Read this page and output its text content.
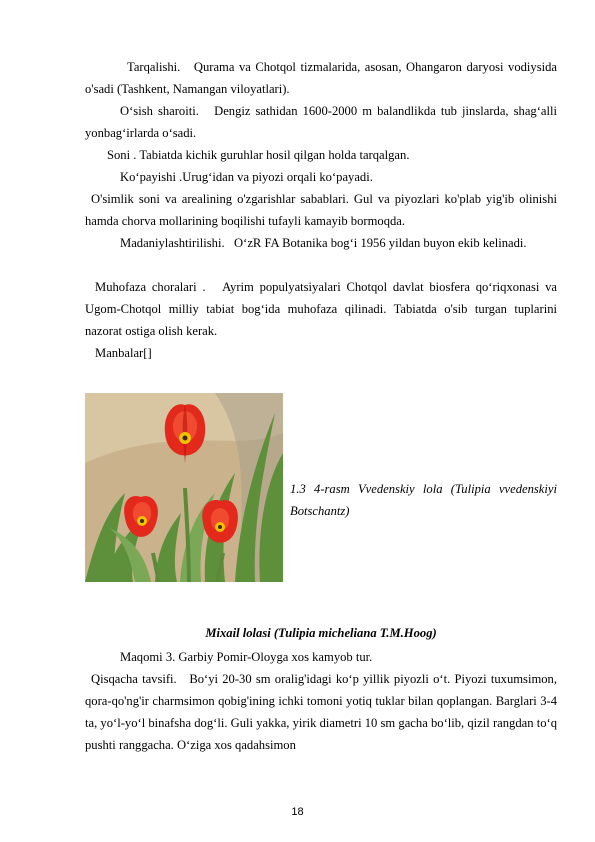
Tarqalishi. Qurama va Chotqol tizmalarida, asosan, Ohangaron daryosi vodiysida o'sadi (Tashkent, Namangan viloyatlari).

O‘sish sharoiti. Dengiz sathidan 1600-2000 m balandlikda tub jinslarda, shag‘alli yonbag‘irlarda o‘sadi.

Soni . Tabiatda kichik guruhlar hosil qilgan holda tarqalgan.

Ko‘payishi .Urug‘idan va piyozi orqali ko‘payadi.

O'simlik soni va arealining o'zgarishlar sabablari. Gul va piyozlari ko'plab yig'ib olinishi hamda chorva mollarining boqilishi tufayli kamayib bormoqda.

Madaniylashtirilishi. O‘zR FA Botanika bog‘i 1956 yildan buyon ekib kelinadi.

Muhofaza choralari . Ayrim populyatsiyalari Chotqol davlat biosfera qo‘riqxonasi va Ugom-Chotqol milliy tabiat bog‘ida muhofaza qilinadi. Tabiatda o'sib turgan tuplarini nazorat ostiga olish kerak.

Manbalar[]

1.3 4-rasm Vvedenskiy lola (Tulipia vvedenskiyi Botschantz)
Mixail lolasi (Tulipia micheliana T.M.Hoog)

Maqomi 3. Garbiy Pomir-Oloyga xos kamyob tur.

Qisqacha tavsifi. Bo‘yi 20-30 sm oralig'idagi ko‘p yillik piyozli o‘t. Piyozi tuxumsimon, qora-qo'ng'ir charmsimon qobig'ining ichki tomoni yotiq tuklar bilan qoplangan. Barglari 3-4 ta, yo‘l-yo‘l binafsha dog‘li. Guli yakka, yirik diametri 10 sm gacha bo‘lib, qizil rangdan to‘q pushti ranggacha. O‘ziga xos qadahsimon

18
